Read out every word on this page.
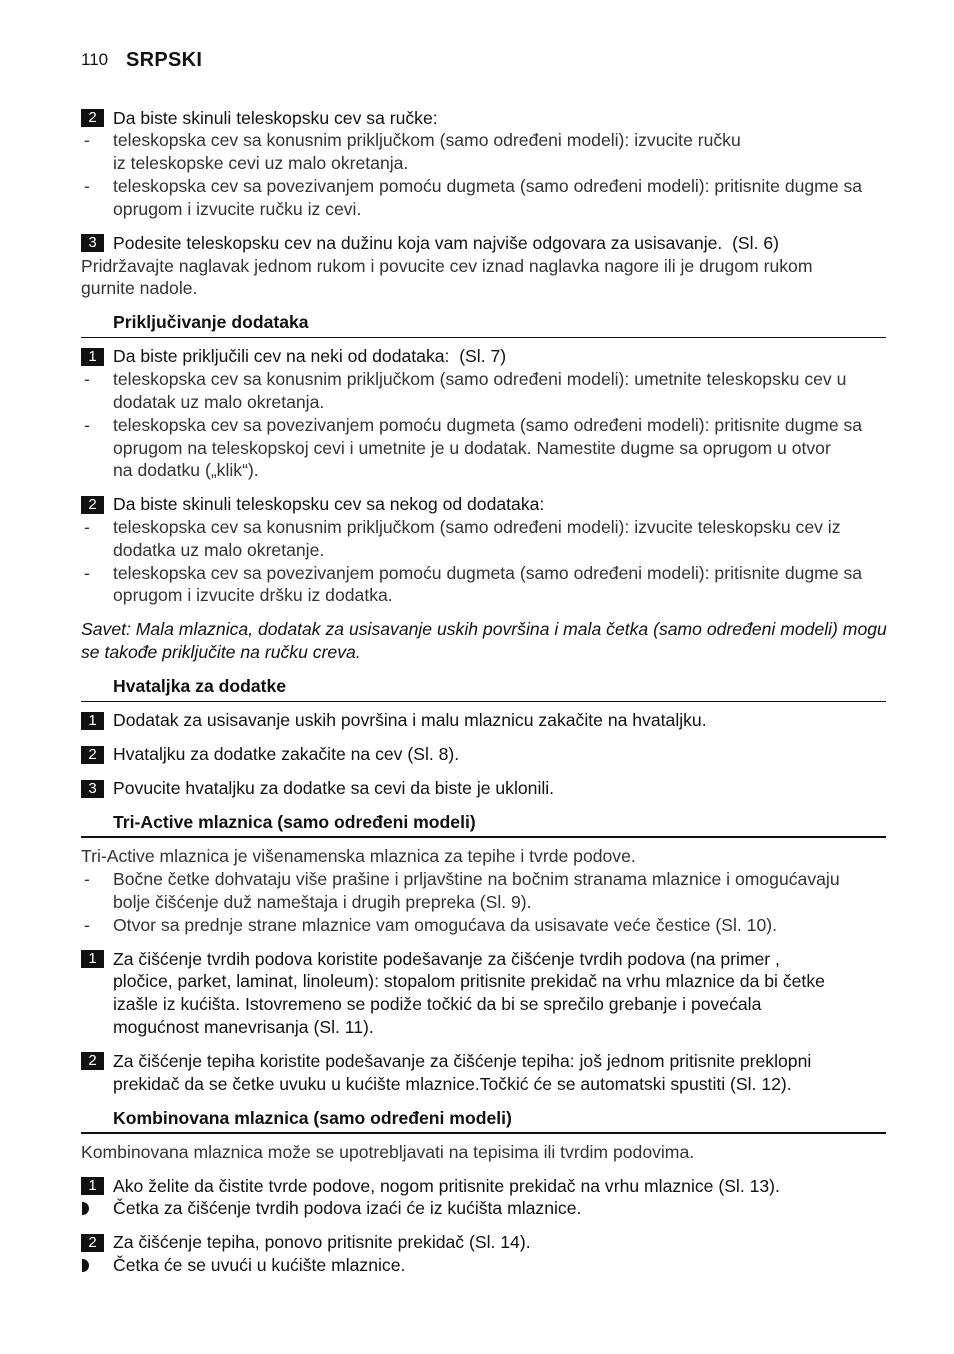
110 SRPSKI
2 Da biste skinuli teleskopsku cev sa ručke:
- teleskopska cev sa konusnim priključkom (samo određeni modeli): izvucite ručku
iz teleskopske cevi uz malo okretanja.
- teleskopska cev sa povezivanjem pomoću dugmeta (samo određeni modeli): pritisnite dugme sa
oprugom i izvucite ručku iz cevi.
3 Podesite teleskopsku cev na dužinu koja vam najviše odgovara za usisavanje.  (Sl. 6)
Pridržavajte naglavak jednom rukom i povucite cev iznad naglavka nagore ili je drugom rukom
gurnite nadole.
Priključivanje dodataka
1 Da biste priključili cev na neki od dodataka:  (Sl. 7)
- teleskopska cev sa konusnim priključkom (samo određeni modeli): umetnite teleskopsku cev u
dodatak uz malo okretanja.
- teleskopska cev sa povezivanjem pomoću dugmeta (samo određeni modeli): pritisnite dugme sa
oprugom na teleskopskoj cevi i umetnite je u dodatak. Namestite dugme sa oprugom u otvor
na dodatku („klik“).
2 Da biste skinuli teleskopsku cev sa nekog od dodataka:
- teleskopska cev sa konusnim priključkom (samo određeni modeli): izvucite teleskopsku cev iz
dodatka uz malo okretanje.
- teleskopska cev sa povezivanjem pomoću dugmeta (samo određeni modeli): pritisnite dugme sa
oprugom i izvucite dršku iz dodatka.
Savet: Mala mlaznica, dodatak za usisavanje uskih površina i mala četka (samo određeni modeli) mogu
se takođe priključite na ručku creva.
Hvataljka za dodatke
1 Dodatak za usisavanje uskih površina i malu mlaznicu zakačite na hvataljku.
2 Hvataljku za dodatke zakačite na cev (Sl. 8).
3 Povucite hvataljku za dodatke sa cevi da biste je uklonili.
Tri-Active mlaznica (samo određeni modeli)
Tri-Active mlaznica je višenamenska mlaznica za tepihe i tvrde podove.
- Bočne četke dohvataju više prašine i prljavštine na bočnim stranama mlaznice i omogućavaju
bolje čišćenje duž nameštaja i drugih prepreka (Sl. 9).
- Otvor sa prednje strane mlaznice vam omogućava da usisavate veće čestice (Sl. 10).
1 Za čišćenje tvrdih podova koristite podešavanje za čišćenje tvrdih podova (na primer ,
pločice, parket, laminat, linoleum): stopalom pritisnite prekidač na vrhu mlaznice da bi četke
izašle iz kućišta. Istovremeno se podiže točkić da bi se sprečilo grebanje i povećala
mogućnost manevrisanja (Sl. 11).
2 Za čišćenje tepiha koristite podešavanje za čišćenje tepiha: još jednom pritisnite preklopni
prekidač da se četke uvuku u kućište mlaznice.Točkić će se automatski spustiti (Sl. 12).
Kombinovana mlaznica (samo određeni modeli)
Kombinovana mlaznica može se upotrebljavati na tepisima ili tvrdim podovima.
1 Ako želite da čistite tvrde podove, nogom pritisnite prekidač na vrhu mlaznice (Sl. 13).
Četka za čišćenje tvrdih podova izaći će iz kućišta mlaznice.
2 Za čišćenje tepiha, ponovo pritisnite prekidač (Sl. 14).
Četka će se uvući u kućište mlaznice.
